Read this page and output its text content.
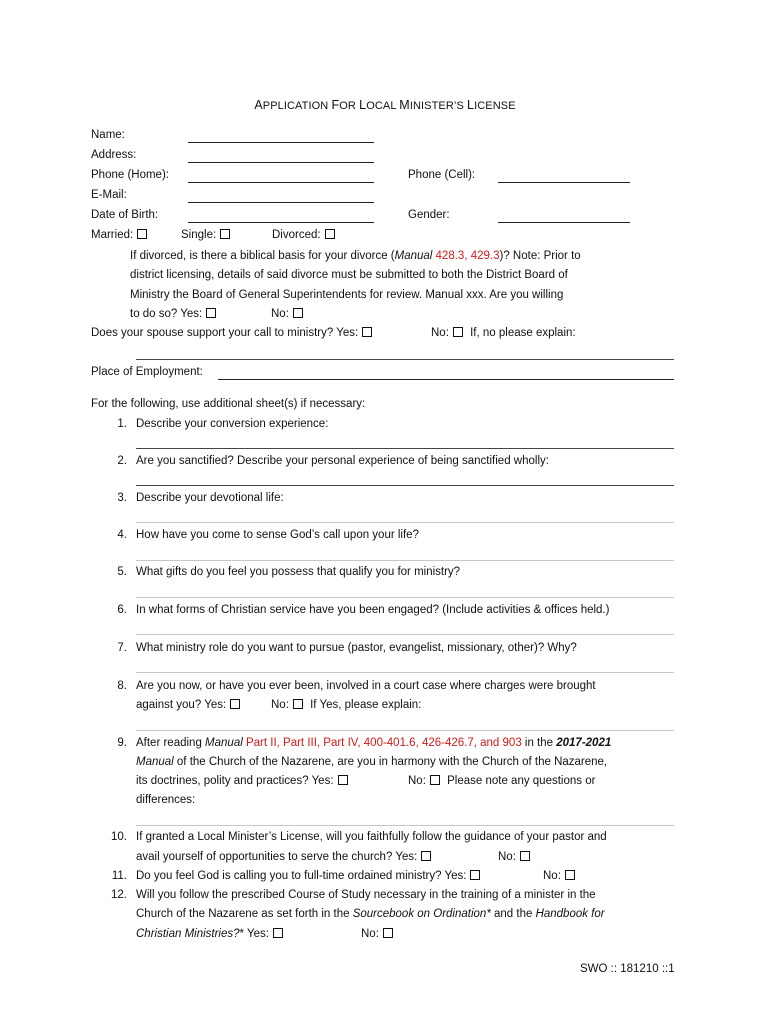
APPLICATION FOR LOCAL MINISTER’S LICENSE
Name:
Address:
Phone (Home):	Phone (Cell):
E-Mail:
Date of Birth:	Gender:
Married:	Single:	Divorced:
If divorced, is there a biblical basis for your divorce (Manual 428.3, 429.3)? Note: Prior to
district licensing, details of said divorce must be submitted to both the District Board of
Ministry the Board of General Superintendents for review. Manual xxx. Are you willing
to do so? Yes:	No:
Does your spouse support your call to ministry? Yes:	No: If, no please explain:
Place of Employment:
For the following, use additional sheet(s) if necessary:
1. Describe your conversion experience:
2. Are you sanctified? Describe your personal experience of being sanctified wholly:
3. Describe your devotional life:
4. How have you come to sense God’s call upon your life?
5. What gifts do you feel you possess that qualify you for ministry?
6. In what forms of Christian service have you been engaged? (Include activities & offices held.)
7. What ministry role do you want to pursue (pastor, evangelist, missionary, other)? Why?
8. Are you now, or have you ever been, involved in a court case where charges were brought
against you? Yes:	No: If Yes, please explain:
9. After reading Manual Part II, Part III, Part IV, 400-401.6, 426-426.7, and 903 in the 2017-2021
Manual of the Church of the Nazarene, are you in harmony with the Church of the Nazarene,
its doctrines, polity and practices? Yes:	No: Please note any questions or
differences:
10. If granted a Local Minister’s License, will you faithfully follow the guidance of your pastor and
avail yourself of opportunities to serve the church? Yes:	No:
11. Do you feel God is calling you to full-time ordained ministry? Yes:	No:
12. Will you follow the prescribed Course of Study necessary in the training of a minister in the
Church of the Nazarene as set forth in the Sourcebook on Ordination* and the Handbook for
Christian Ministries?* Yes:	No:
SWO :: 181210 ::1
